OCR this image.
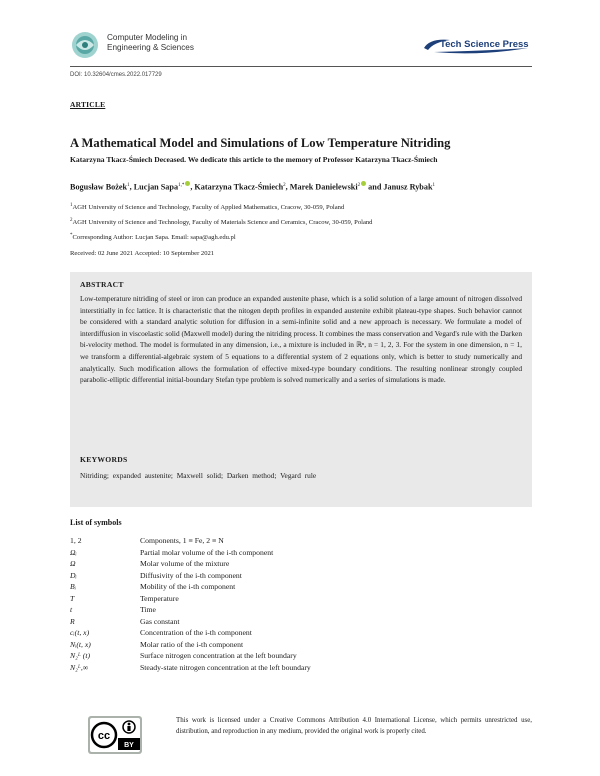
Computer Modeling in
Engineering & Sciences	Tech Science Press
DOI: 10.32604/cmes.2022.017729
ARTICLE
A Mathematical Model and Simulations of Low Temperature Nitriding
Katarzyna Tkacz-Śmiech Deceased. We dedicate this article to the memory of Professor Katarzyna Tkacz-Śmiech
Bogusław Bożek$^1$, Lucjan Sapa$^{1,*}$ , Katarzyna Tkacz-Śmiech$^2$, Marek Danielewski$^2$ and Janusz Rybak$^1$
$^1$AGH University of Science and Technology, Faculty of Applied Mathematics, Cracow, 30-059, Poland
$^2$AGH University of Science and Technology, Faculty of Materials Science and Ceramics, Cracow, 30-059, Poland
*Corresponding Author: Lucjan Sapa. Email: sapa@agh.edu.pl
Received: 02 June 2021 Accepted: 10 September 2021
ABSTRACT
Low-temperature nitriding of steel or iron can produce an expanded austenite phase, which is a solid solution of a large amount of nitrogen dissolved interstitially in fcc lattice. It is characteristic that the nitogen depth profiles in expanded austenite exhibit plateau-type shapes. Such behavior cannot be considered with a standard analytic solution for diffusion in a semi-infinite solid and a new approach is necessary. We formulate a model of interdiffusion in viscoelastic solid (Maxwell model) during the nitriding process. It combines the mass conservation and Vegard's rule with the Darken bi-velocity method. The model is formulated in any dimension, i.e., a mixture is included in ℝⁿ, n = 1, 2, 3. For the system in one dimension, n = 1, we transform a differential-algebraic system of 5 equations to a differential system of 2 equations only, which is better to study numerically and analytically. Such modification allows the formulation of effective mixed-type boundary conditions. The resulting nonlinear strongly coupled parabolic-elliptic differential initial-boundary Stefan type problem is solved numerically and a series of simulations is made.
KEYWORDS
Nitriding; expanded austenite; Maxwell solid; Darken method; Vegard rule
List of symbols
1, 2	Components, 1 ≡ Fe, 2 ≡ N
Ωᵢ	Partial molar volume of the i-th component
Ω	Molar volume of the mixture
Dᵢ	Diffusivity of the i-th component
Bᵢ	Mobility of the i-th component
T	Temperature
t	Time
R	Gas constant
cᵢ(t, x)	Concentration of the i-th component
Nᵢ(t, x)	Molar ratio of the i-th component
N₂ᴸ (t)	Surface nitrogen concentration at the left boundary
N₂ᴸ,∞	Steady-state nitrogen concentration at the left boundary
cc
BY
This work is licensed under a Creative Commons Attribution 4.0 International License, which permits unrestricted use, distribution, and reproduction in any medium, provided the original work is properly cited.
